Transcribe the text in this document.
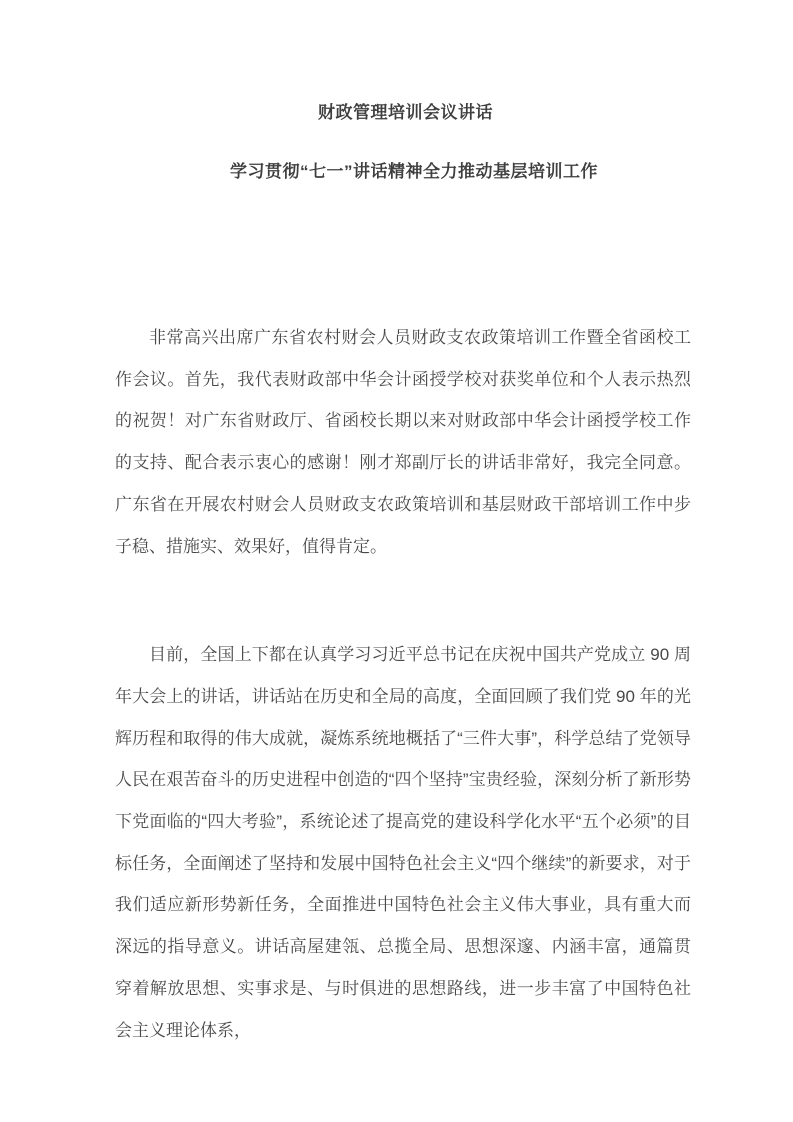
财政管理培训会议讲话
学习贯彻“七一”讲话精神全力推动基层培训工作

非常高兴出席广东省农村财会人员财政支农政策培训工作暨全省函校工作会议。首先，我代表财政部中华会计函授学校对获奖单位和个人表示热烈的祝贺！对广东省财政厅、省函校长期以来对财政部中华会计函授学校工作的支持、配合表示衷心的感谢！刚才郑副厅长的讲话非常好，我完全同意。广东省在开展农村财会人员财政支农政策培训和基层财政干部培训工作中步子稳、措施实、效果好，值得肯定。

目前，全国上下都在认真学习习近平总书记在庆祝中国共产党成立 90 周年大会上的讲话，讲话站在历史和全局的高度，全面回顾了我们党 90 年的光辉历程和取得的伟大成就，凝炼系统地概括了“三件大事”，科学总结了党领导人民在艰苦奋斗的历史进程中创造的“四个坚持”宝贵经验，深刻分析了新形势下党面临的“四大考验”，系统论述了提高党的建设科学化水平“五个必须”的目标任务，全面阐述了坚持和发展中国特色社会主义“四个继续”的新要求，对于我们适应新形势新任务，全面推进中国特色社会主义伟大事业，具有重大而深远的指导意义。讲话高屋建瓴、总揽全局、思想深邃、内涵丰富，通篇贯穿着解放思想、实事求是、与时俱进的思想路线，进一步丰富了中国特色社会主义理论体系，
